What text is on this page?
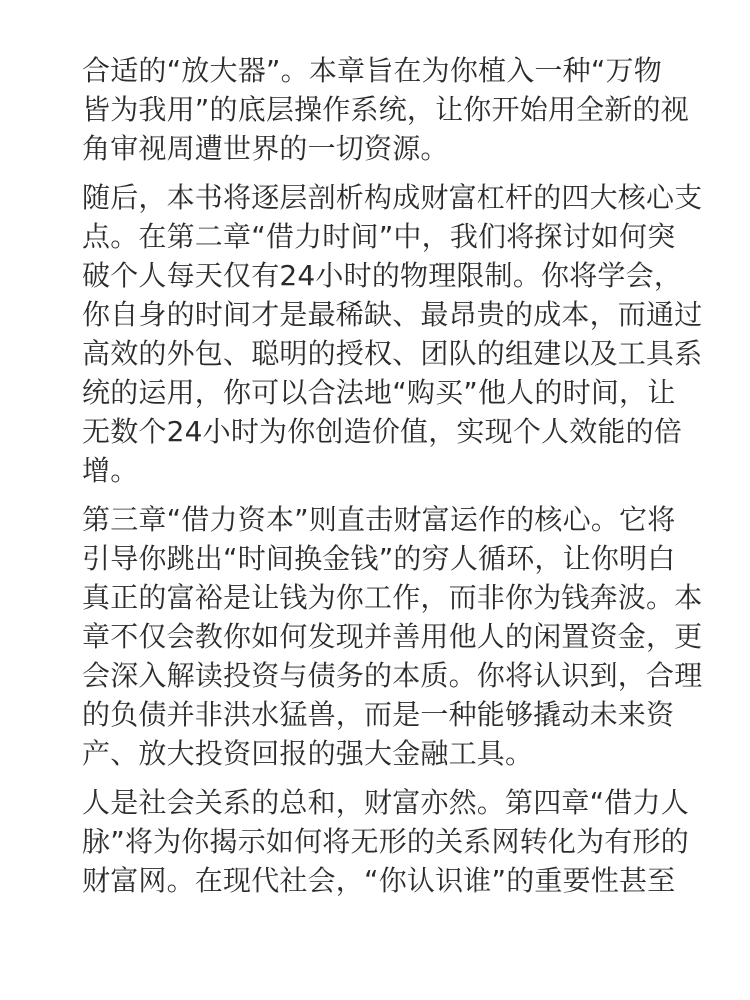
合适的“放大器”。本章旨在为你植入一种“万物
皆为我用”的底层操作系统，让你开始用全新的视
角审视周遭世界的一切资源。
随后，本书将逐层剖析构成财富杠杆的四大核心支
点。在第二章“借力时间”中，我们将探讨如何突
破个人每天仅有24小时的物理限制。你将学会，
你自身的时间才是最稀缺、最昂贵的成本，而通过
高效的外包、聪明的授权、团队的组建以及工具系
统的运用，你可以合法地“购买”他人的时间，让
无数个24小时为你创造价值，实现个人效能的倍
增。
第三章“借力资本”则直击财富运作的核心。它将
引导你跳出“时间换金钱”的穷人循环，让你明白
真正的富裕是让钱为你工作，而非你为钱奔波。本
章不仅会教你如何发现并善用他人的闲置资金，更
会深入解读投资与债务的本质。你将认识到，合理
的负债并非洪水猛兽，而是一种能够撬动未来资
产、放大投资回报的强大金融工具。
人是社会关系的总和，财富亦然。第四章“借力人
脉”将为你揭示如何将无形的关系网转化为有形的
财富网。在现代社会，“你认识谁”的重要性甚至
